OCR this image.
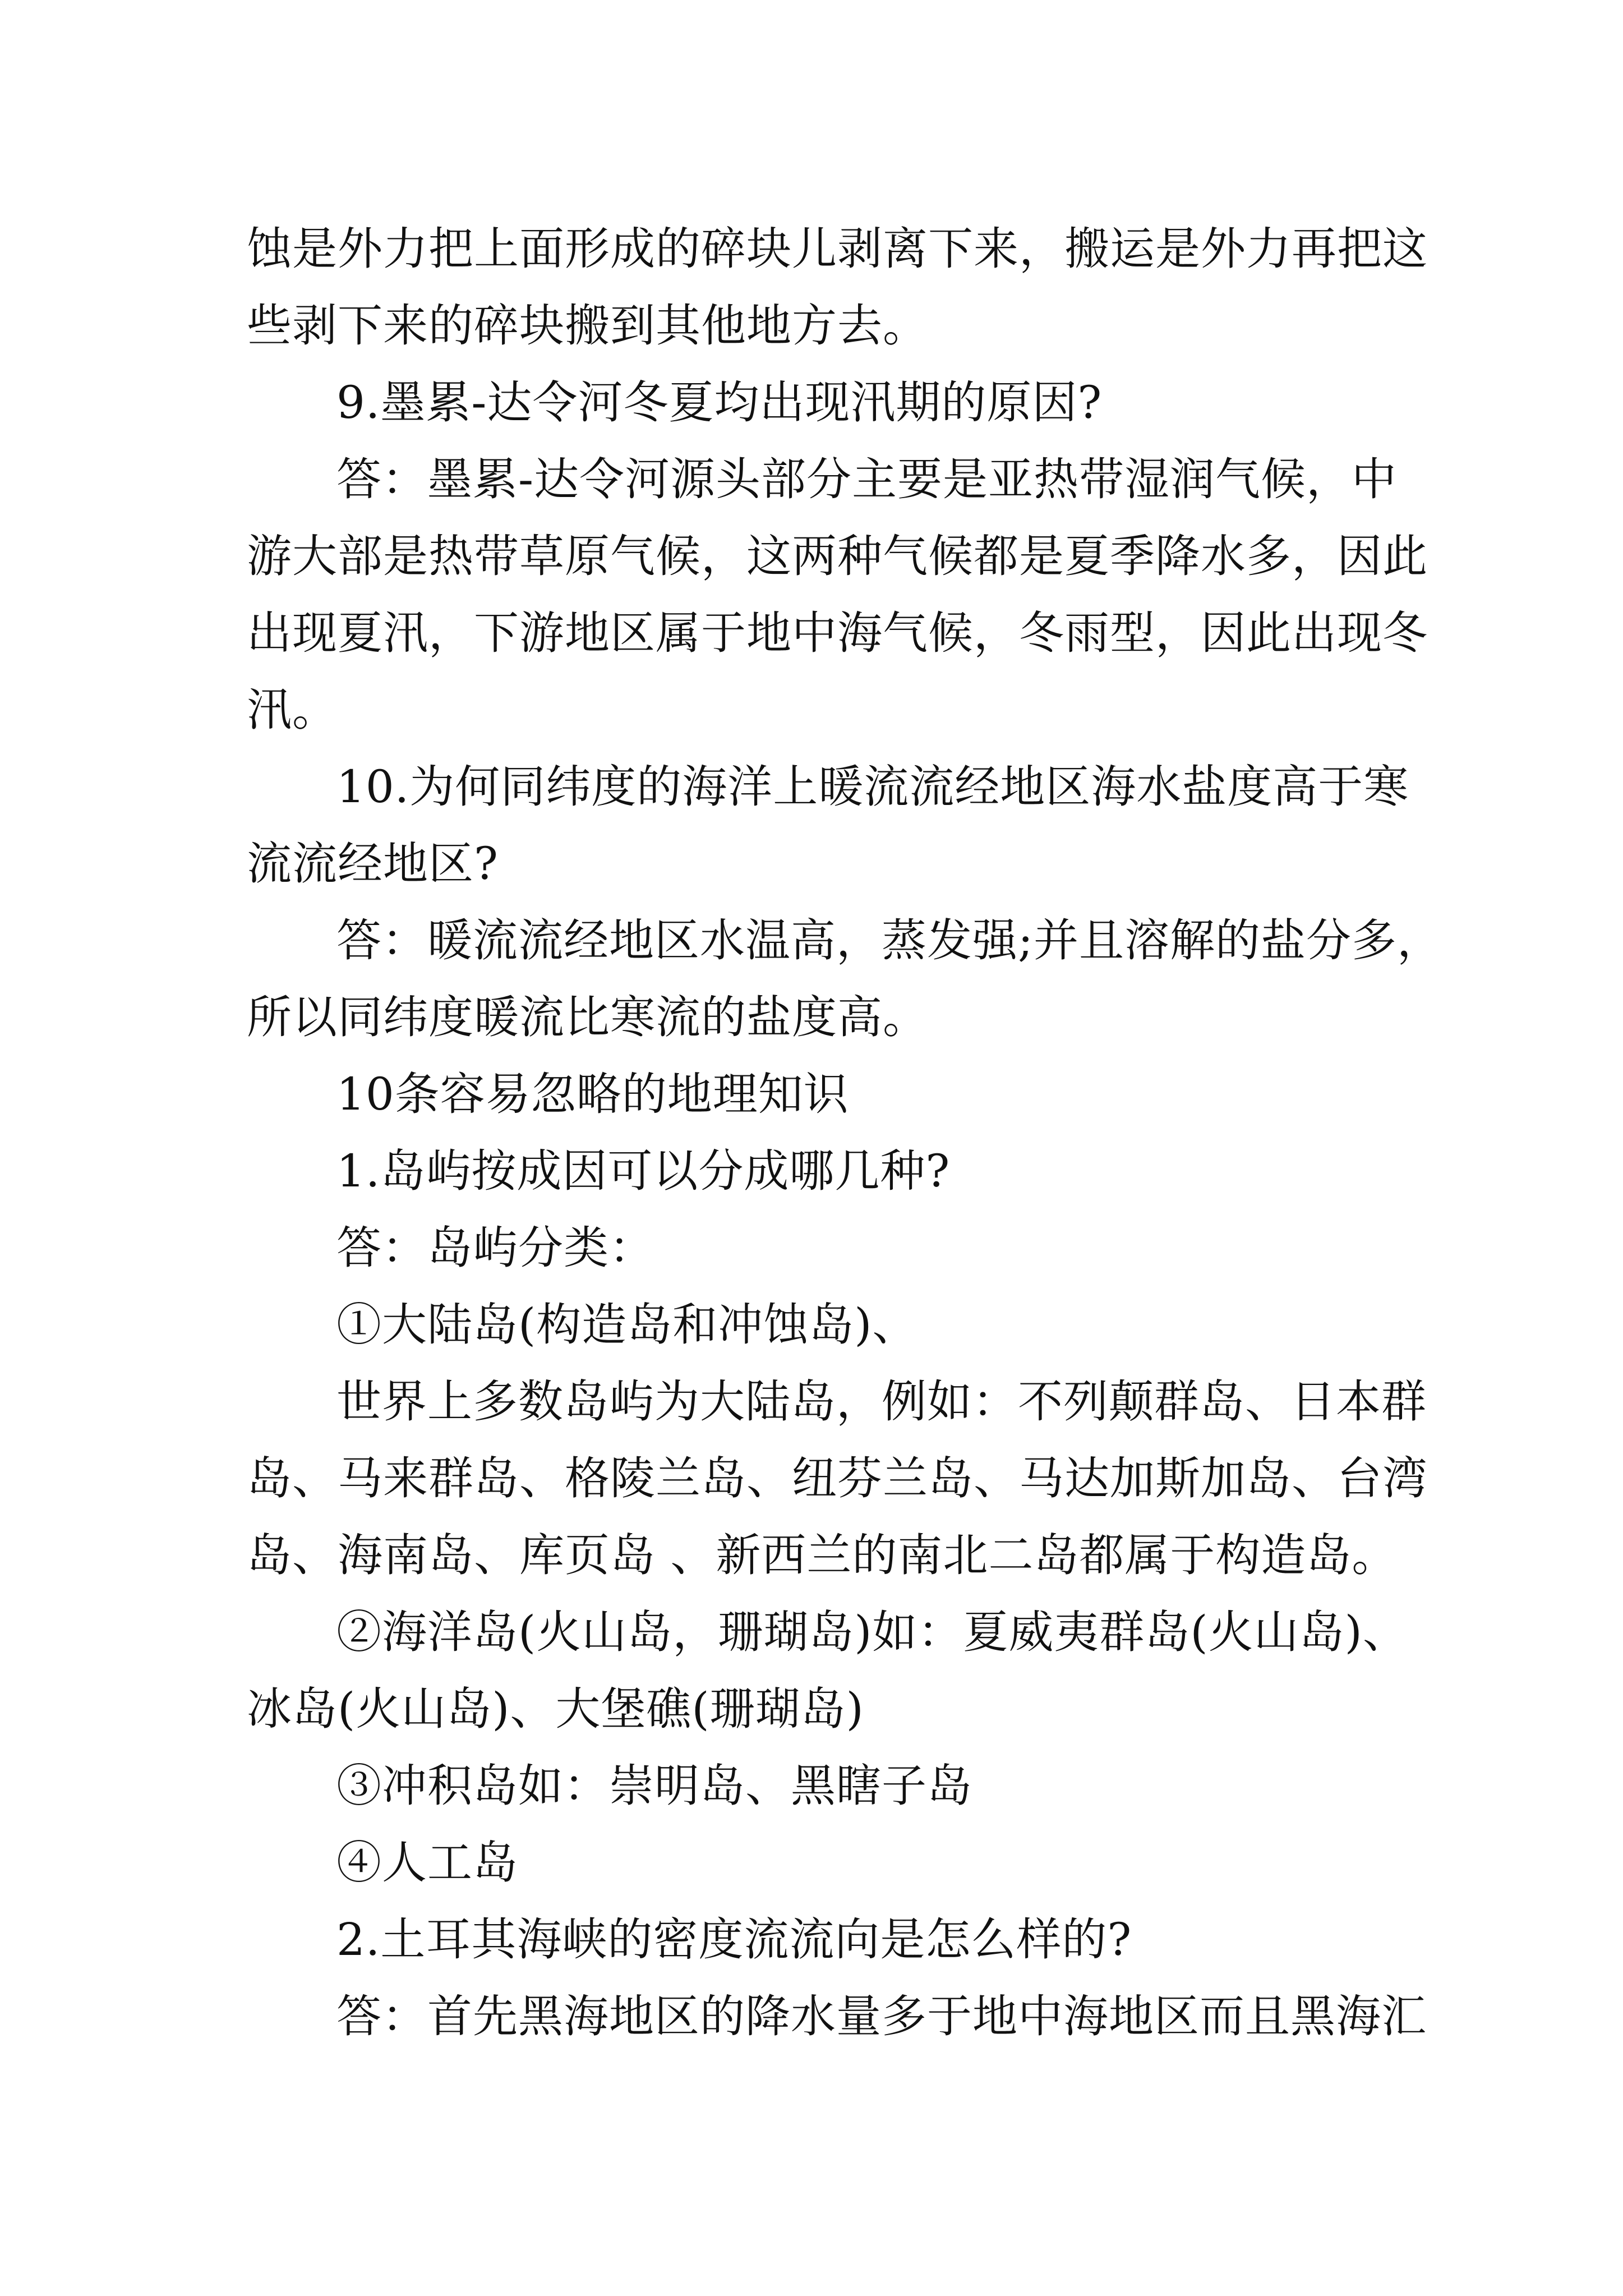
蚀是外力把上面形成的碎块儿剥离下来，搬运是外力再把这
些剥下来的碎块搬到其他地方去。
9.墨累-达令河冬夏均出现汛期的原因?
答：墨累-达令河源头部分主要是亚热带湿润气候，中
游大部是热带草原气候，这两种气候都是夏季降水多，因此
出现夏汛，下游地区属于地中海气候，冬雨型，因此出现冬
汛。
10.为何同纬度的海洋上暖流流经地区海水盐度高于寒
流流经地区?
答：暖流流经地区水温高，蒸发强;并且溶解的盐分多，
所以同纬度暖流比寒流的盐度高。
10条容易忽略的地理知识
1.岛屿按成因可以分成哪几种?
答：岛屿分类：
①大陆岛(构造岛和冲蚀岛)、
世界上多数岛屿为大陆岛，例如：不列颠群岛、日本群
岛、马来群岛、格陵兰岛、纽芬兰岛、马达加斯加岛、台湾
岛、海南岛、库页岛 、新西兰的南北二岛都属于构造岛。
②海洋岛(火山岛，珊瑚岛)如：夏威夷群岛(火山岛)、
冰岛(火山岛)、大堡礁(珊瑚岛)
③冲积岛如：崇明岛、黑瞎子岛
④人工岛
2.土耳其海峡的密度流流向是怎么样的?
答：首先黑海地区的降水量多于地中海地区而且黑海汇
